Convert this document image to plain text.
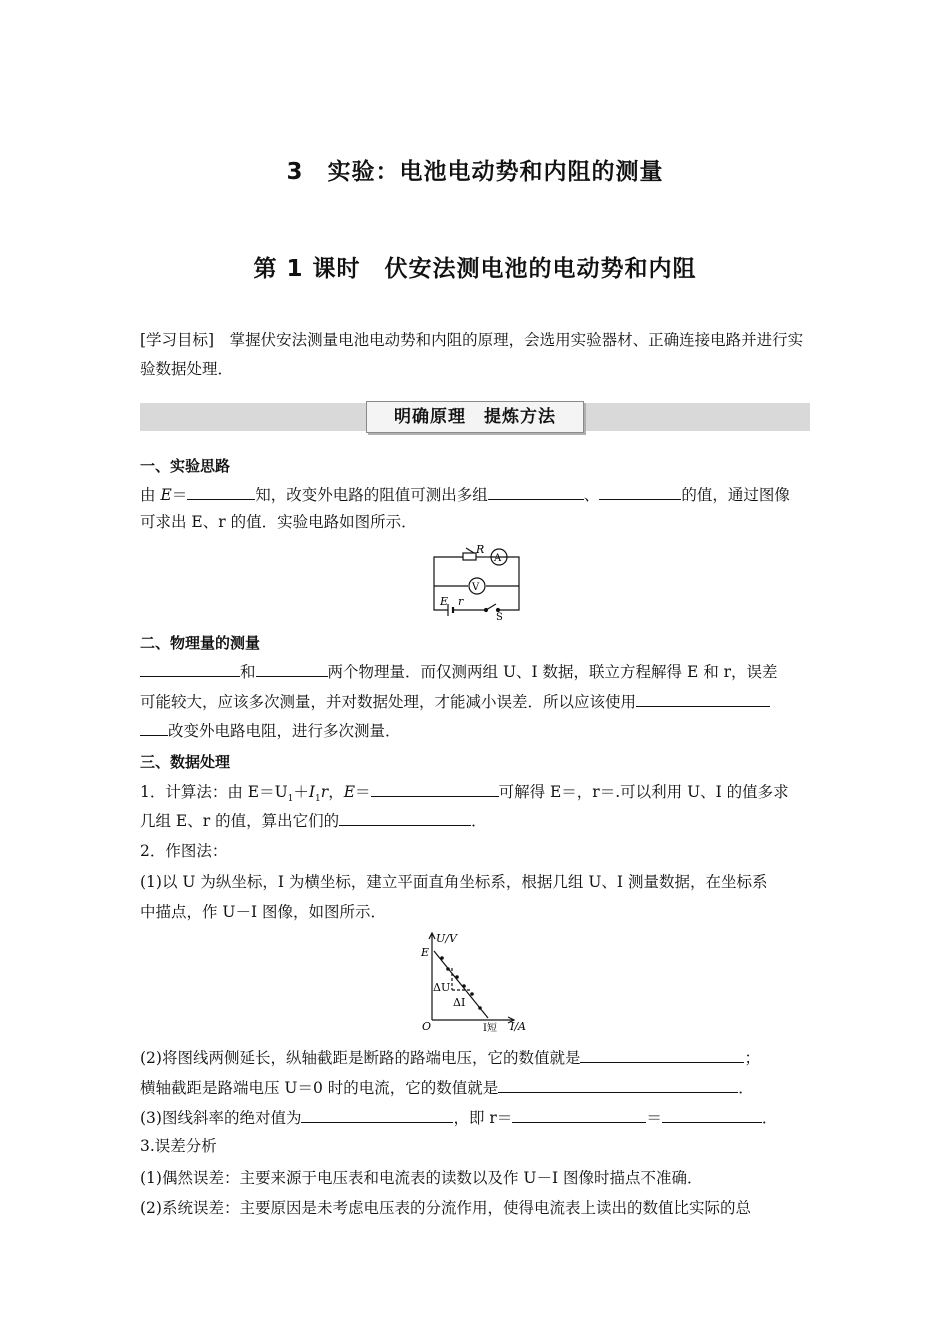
3　实验：电池电动势和内阻的测量
第 1 课时　伏安法测电池的电动势和内阻
[学习目标]　掌握伏安法测量电池电动势和内阻的原理，会选用实验器材、正确连接电路并进行实验数据处理．
明确原理　提炼方法
一、实验思路
由 E＝	知，改变外电路的阻值可测出多组	、	的值，通过图像
可求出 E、r 的值．实验电路如图所示．
R
A
V
E r
S
二、物理量的测量
和	两个物理量．而仅测两组 U、I 数据，联立方程解得 E 和 r，误差
可能较大，应该多次测量，并对数据处理，才能减小误差．所以应该使用
改变外电路电阻，进行多次测量．
三、数据处理
1．计算法：由 $E=U_1+I_1r$，E＝	可解得 E＝，r＝.可以利用 U、I 的值多求
几组 E、r 的值，算出它们的	．
2．作图法：
(1)以 U 为纵坐标，I 为横坐标，建立平面直角坐标系，根据几组 U、I 测量数据，在坐标系
中描点，作 U－I 图像，如图所示．
U/V
I/A
O
E
ΔU
ΔI
I短
(2)将图线两侧延长，纵轴截距是断路的路端电压，它的数值就是	；
横轴截距是路端电压 U＝0 时的电流，它的数值就是	．
(3)图线斜率的绝对值为	，即 r＝	＝	．
3.误差分析
(1)偶然误差：主要来源于电压表和电流表的读数以及作 U－I 图像时描点不准确．
(2)系统误差：主要原因是未考虑电压表的分流作用，使得电流表上读出的数值比实际的总
